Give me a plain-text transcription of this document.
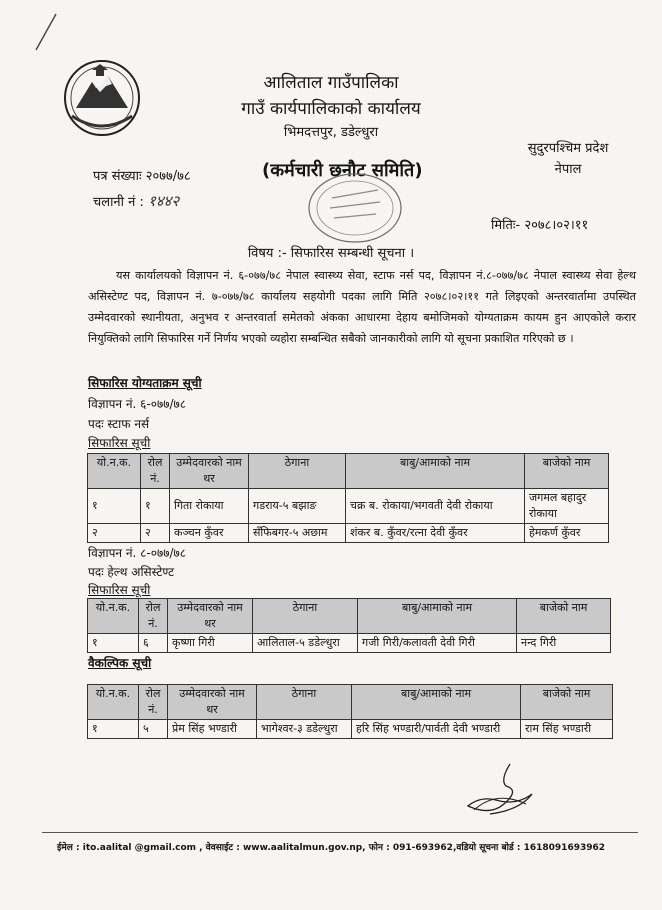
आलिताल गाउँपालिका
गाउँ कार्यपालिकाको कार्यालय
भिमदत्तपुर, डडेल्धुरा
सुदुरपश्चिम प्रदेश
नेपाल
(कर्मचारी छनौट समिति)
पत्र संख्याः २०७७/७८
चलानी नं : १४४२
मितिः- २०७८।०२।११
विषय :- सिफारिस सम्बन्धी सूचना ।
यस कार्यालयको विज्ञापन नं. ६-०७७/७८ नेपाल स्वास्थ्य सेवा, स्टाफ नर्स पद, विज्ञापन नं.८-०७७/७८ नेपाल स्वास्थ्य सेवा हेल्थ असिस्टेण्ट पद, विज्ञापन नं. ७-०७७/७८ कार्यालय सहयोगी पदका लागि मिति २०७८।०२।११ गते लिइएको अन्तरवार्तामा उपस्थित उम्मेदवारको स्थानीयता, अनुभव र अन्तरवार्ता समेतको अंकका आधारमा देहाय बमोजिमको योग्यताक्रम कायम हुन आएकोले करार नियुक्तिको लागि सिफारिस गर्ने निर्णय भएको व्यहोरा सम्बन्धित सबैको जानकारीको लागि यो सूचना प्रकाशित गरिएको छ ।
सिफारिस योग्यताक्रम सूची
विज्ञापन नं. ६-०७७/७८
पदः स्टाफ नर्स
सिफारिस सूची
यो.न.क.	रोल नं.	उम्मेदवारको नाम थर	ठेगाना	बाबु/आमाको नाम	बाजेको नाम
१	१	गिता रोकाया	गडराय-५ बझाङ	चक्र ब. रोकाया/भगवती देवी रोकाया	जगमल बहादुर रोकाया
२	२	कञ्चन कुँवर	सँफिबगर-५ अछाम	शंकर ब. कुँवर/रत्ना देवी कुँवर	हेमकर्ण कुँवर
विज्ञापन नं. ८-०७७/७८
पदः हेल्थ असिस्टेण्ट
सिफारिस सूची
यो.न.क.	रोल नं.	उम्मेदवारको नाम थर	ठेगाना	बाबु/आमाको नाम	बाजेको नाम
१	६	कृष्णा गिरी	आलिताल-५ डडेल्धुरा	गजी गिरी/कलावती देवी गिरी	नन्द गिरी
वैकल्पिक सूची
यो.न.क.	रोल नं.	उम्मेदवारको नाम थर	ठेगाना	बाबु/आमाको नाम	बाजेको नाम
१	५	प्रेम सिंह भण्डारी	भागेश्वर-३ डडेल्धुरा	हरि सिंह भण्डारी/पार्वती देवी भण्डारी	राम सिंह भण्डारी
ईमेल : ito.aalital @gmail.com , वेवसाईट : www.aalitalmun.gov.np, फोन : 091-693962,वडियो सूचना बोर्ड : 1618091693962
